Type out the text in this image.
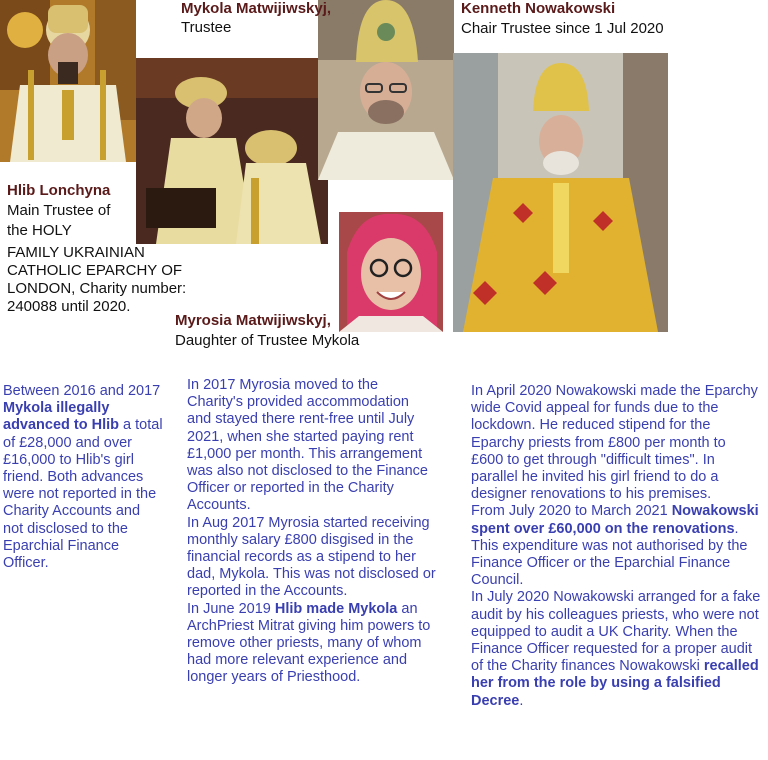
Mykola Matwijiwskyj,
Trustee
Kenneth Nowakowski
Chair Trustee since 1 Jul 2020
Hlib Lonchyna
Main Trustee of
the HOLY
FAMILY UKRAINIAN CATHOLIC EPARCHY OF LONDON, Charity number: 240088 until 2020.
Myrosia Matwijiwskyj,
Daughter of Trustee Mykola
Between 2016 and 2017 Mykola illegally advanced to Hlib a total of £28,000 and over £16,000 to Hlib's girl friend. Both advances were not reported in the Charity Accounts and not disclosed to the Eparchial Finance Officer.
In 2017 Myrosia moved to the Charity's provided accommodation and stayed there rent-free until July 2021, when she started paying rent £1,000 per month. This arrangement was also not disclosed to the Finance Officer or reported in the Charity Accounts.
In Aug 2017 Myrosia started receiving monthly salary £800 disgised in the financial records as a stipend to her dad, Mykola. This was not disclosed or reported in the Accounts.
In June 2019 Hlib made Mykola an ArchPriest Mitrat giving him powers to remove other priests, many of whom had more relevant experience and longer years of Priesthood.
In April 2020 Nowakowski made the Eparchy wide Covid appeal for funds due to the lockdown. He reduced stipend for the Eparchy priests from £800 per month to £600 to get through "difficult times". In parallel he invited his girl friend to do a designer renovations to his premises.
From July 2020 to March 2021 Nowakowski spent over £60,000 on the renovations. This expenditure was not authorised by the Finance Officer or the Eparchial Finance Council.
In July 2020 Nowakowski arranged for a fake audit by his colleagues priests, who were not equipped to audit a UK Charity. When the Finance Officer requested for a proper audit of the Charity finances Nowakowski recalled her from the role by using a falsified Decree.
